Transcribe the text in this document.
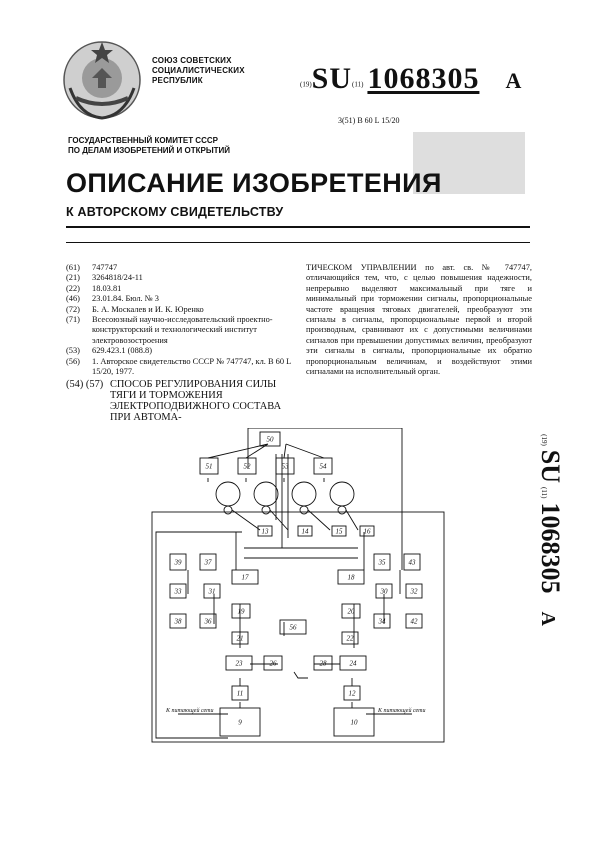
СОЮЗ СОВЕТСКИХ
СОЦИАЛИСТИЧЕСКИХ
РЕСПУБЛИК	(19)SU(11) 1068305 A
3(51) В 60 L 15/20
ГОСУДАРСТВЕННЫЙ КОМИТЕТ СССР
ПО ДЕЛАМ ИЗОБРЕТЕНИЙ И ОТКРЫТИЙ
ОПИСАНИЕ ИЗОБРЕТЕНИЯ
К АВТОРСКОМУ СВИДЕТЕЛЬСТВУ
(61)	747747
(21)	3264818/24-11
(22)	18.03.81
(46)	23.01.84. Бюл. № 3
(72)	Б. А. Москалев и И. К. Юренко
(71)	Всесоюзный научно-исследовательский проектно-конструкторский и технологический институт электровозостроения
(53)	629.423.1 (088.8)
(56)	1. Авторское свидетельство СССР № 747747, кл. В 60 L 15/20, 1977.
(54) (57) СПОСОБ РЕГУЛИРОВАНИЯ СИЛЫ ТЯГИ И ТОРМОЖЕНИЯ ЭЛЕКТРОПОДВИЖНОГО СОСТАВА ПРИ АВТОМА-
ТИЧЕСКОМ УПРАВЛЕНИИ по авт. св. № 747747, отличающийся тем, что, с целью повышения надежности, непрерывно выделяют максимальный при тяге и минимальный при торможении сигналы, пропорциональные частоте вращения тяговых двигателей, преобразуют эти сигналы в сигналы, пропорциональные первой и второй производным, сравнивают их с допустимыми величинами сигналов при превышении допустимых величин, преобразуют эти сигналы в сигналы, пропорциональные их обратно пропорциональным величинам, и воздействуют этими сигналами на исполнительный орган.
(19) SU (11) 1068305 A
50
51	52	53	54
13	14	15	16
17	18
19	20
21	22
23	24
26	28
30
31	32
33
34
35
36
37
38
39
42
43
56
11	12
9	10
К питающей сети	К питающей сети
